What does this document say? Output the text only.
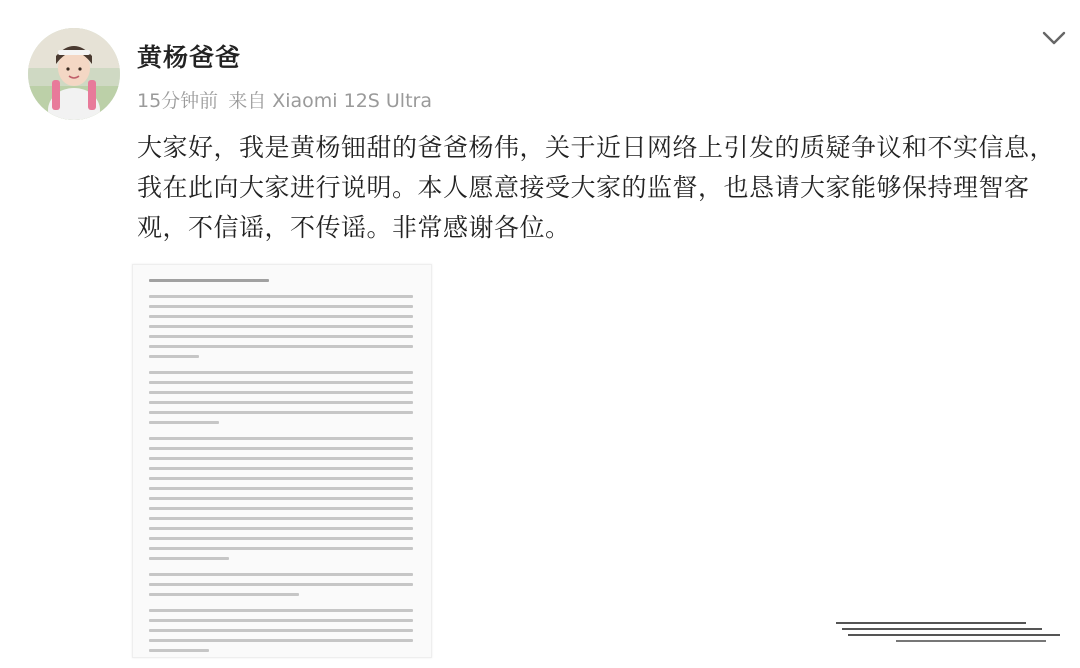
黄杨爸爸
15分钟前 来自 Xiaomi 12S Ultra
大家好，我是黄杨钿甜的爸爸杨伟，关于近日网络上引发的质疑争议和不实信息，
我在此向大家进行说明。本人愿意接受大家的监督，也恳请大家能够保持理智客
观，不信谣，不传谣。非常感谢各位。
